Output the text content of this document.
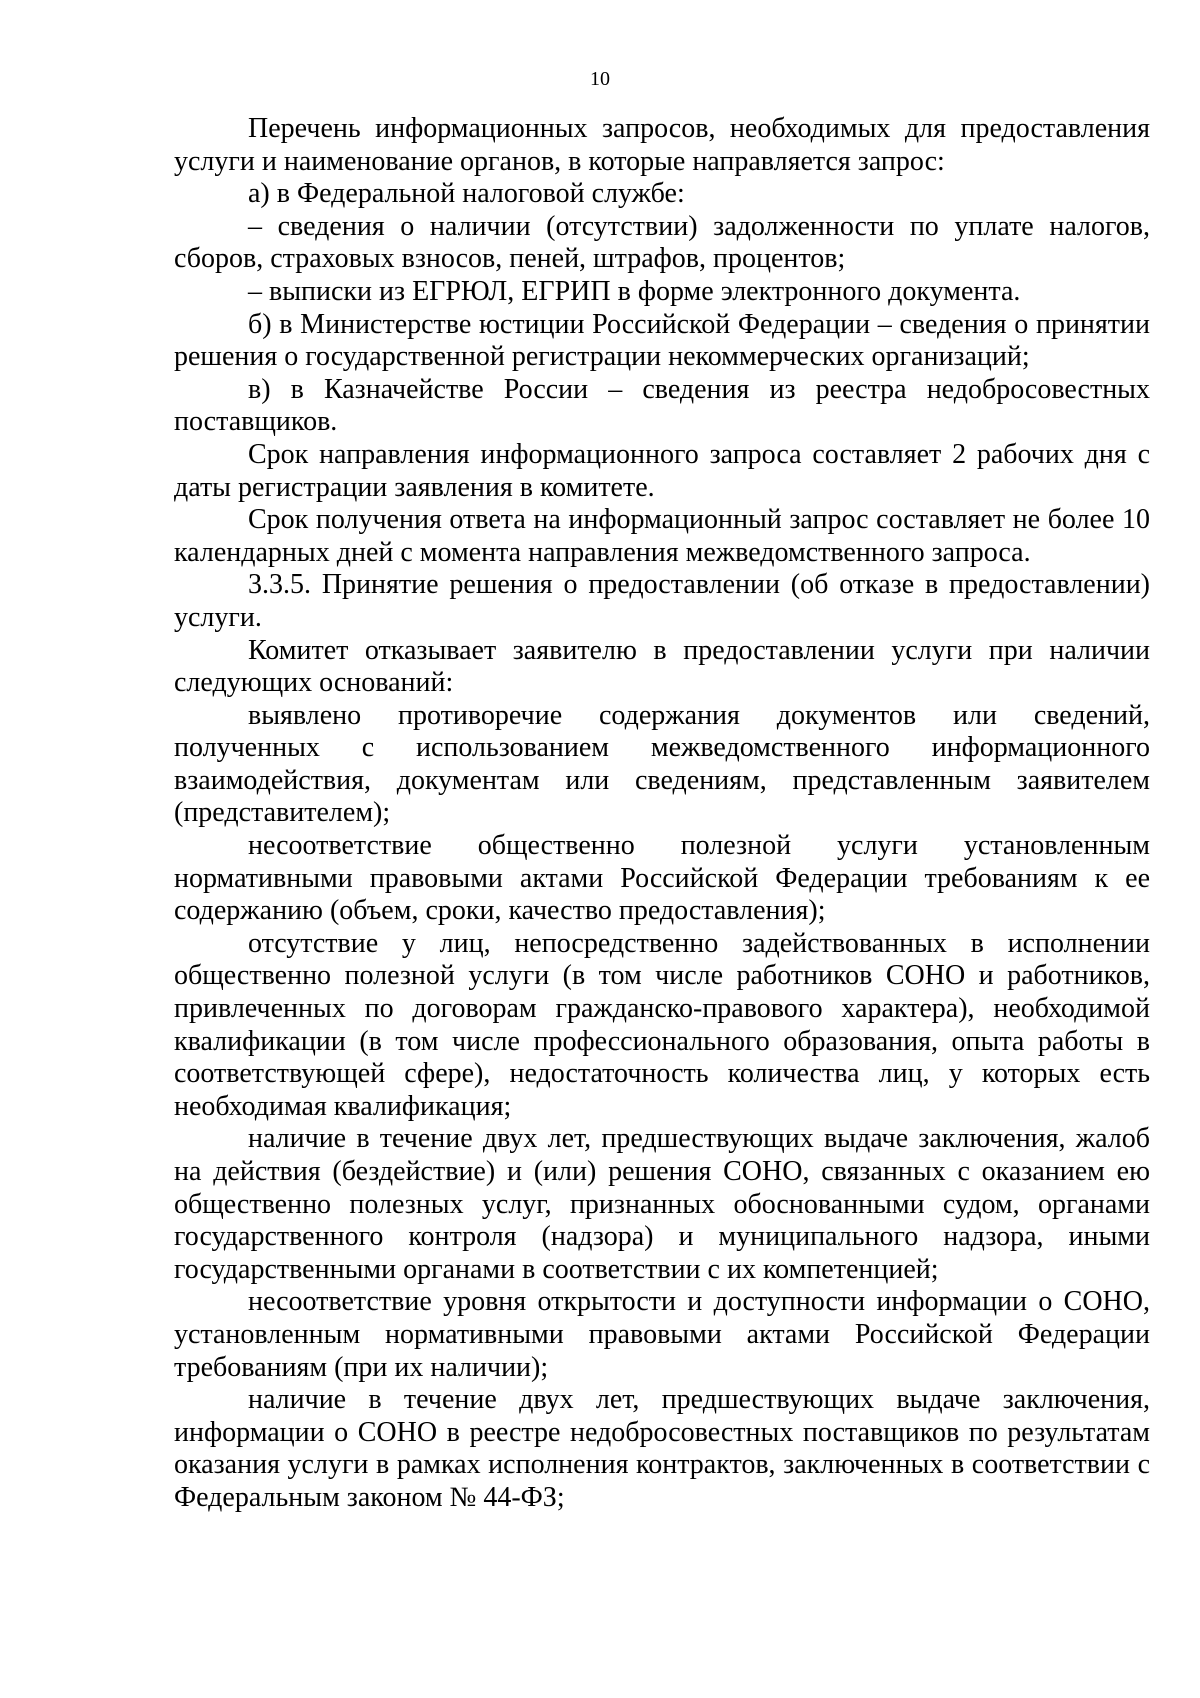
10

Перечень информационных запросов, необходимых для предоставления услуги и наименование органов, в которые направляется запрос:

а) в Федеральной налоговой службе:

– сведения о наличии (отсутствии) задолженности по уплате налогов, сборов, страховых взносов, пеней, штрафов, процентов;

– выписки из ЕГРЮЛ, ЕГРИП в форме электронного документа.

б) в Министерстве юстиции Российской Федерации – сведения о принятии решения о государственной регистрации некоммерческих организаций;

в) в Казначействе России – сведения из реестра недобросовестных поставщиков.

Срок направления информационного запроса составляет 2 рабочих дня с даты регистрации заявления в комитете.

Срок получения ответа на информационный запрос составляет не более 10 календарных дней с момента направления межведомственного запроса.

3.3.5. Принятие решения о предоставлении (об отказе в предоставлении) услуги.

Комитет отказывает заявителю в предоставлении услуги при наличии следующих оснований:

выявлено противоречие содержания документов или сведений, полученных с использованием межведомственного информационного взаимодействия, документам или сведениям, представленным заявителем (представителем);

несоответствие общественно полезной услуги установленным нормативными правовыми актами Российской Федерации требованиям к ее содержанию (объем, сроки, качество предоставления);

отсутствие у лиц, непосредственно задействованных в исполнении общественно полезной услуги (в том числе работников СОНО и работников, привлеченных по договорам гражданско-правового характера), необходимой квалификации (в том числе профессионального образования, опыта работы в соответствующей сфере), недостаточность количества лиц, у которых есть необходимая квалификация;

наличие в течение двух лет, предшествующих выдаче заключения, жалоб на действия (бездействие) и (или) решения СОНО, связанных с оказанием ею общественно полезных услуг, признанных обоснованными судом, органами государственного контроля (надзора) и муниципального надзора, иными государственными органами в соответствии с их компетенцией;

несоответствие уровня открытости и доступности информации о СОНО, установленным нормативными правовыми актами Российской Федерации требованиям (при их наличии);

наличие в течение двух лет, предшествующих выдаче заключения, информации о СОНО в реестре недобросовестных поставщиков по результатам оказания услуги в рамках исполнения контрактов, заключенных в соответствии с Федеральным законом № 44-ФЗ;
